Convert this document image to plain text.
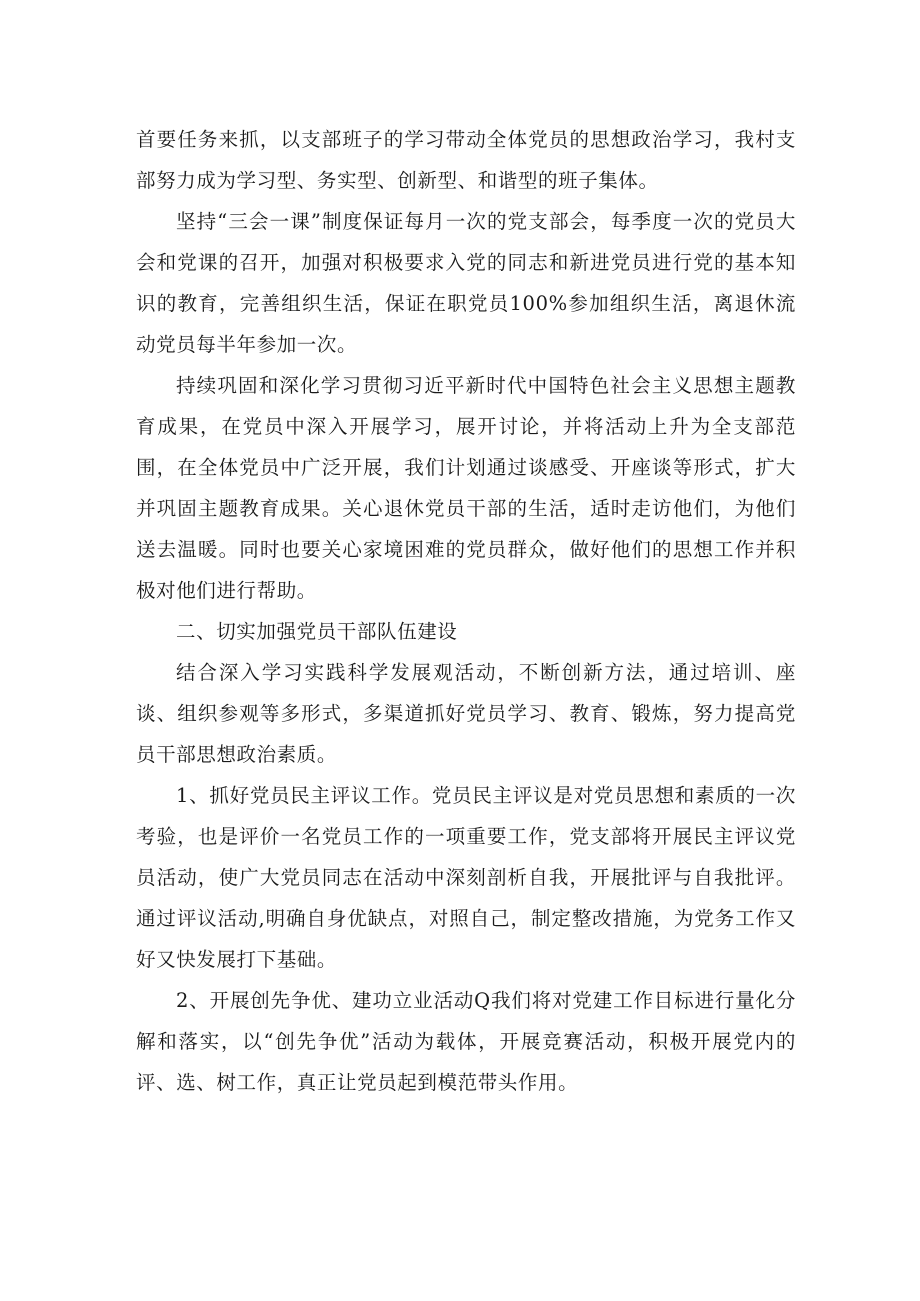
首要任务来抓，以支部班子的学习带动全体党员的思想政治学习，我村支部努力成为学习型、务实型、创新型、和谐型的班子集体。

坚持“三会一课”制度保证每月一次的党支部会，每季度一次的党员大会和党课的召开，加强对积极要求入党的同志和新进党员进行党的基本知识的教育，完善组织生活，保证在职党员100%参加组织生活，离退休流动党员每半年参加一次。

持续巩固和深化学习贯彻习近平新时代中国特色社会主义思想主题教育成果，在党员中深入开展学习，展开讨论，并将活动上升为全支部范围，在全体党员中广泛开展，我们计划通过谈感受、开座谈等形式，扩大并巩固主题教育成果。关心退休党员干部的生活，适时走访他们，为他们送去温暖。同时也要关心家境困难的党员群众，做好他们的思想工作并积极对他们进行帮助。

二、切实加强党员干部队伍建设

结合深入学习实践科学发展观活动，不断创新方法，通过培训、座谈、组织参观等多形式，多渠道抓好党员学习、教育、锻炼，努力提高党员干部思想政治素质。

1、抓好党员民主评议工作。党员民主评议是对党员思想和素质的一次考验，也是评价一名党员工作的一项重要工作，党支部将开展民主评议党员活动，使广大党员同志在活动中深刻剖析自我，开展批评与自我批评。通过评议活动,明确自身优缺点，对照自己，制定整改措施，为党务工作又好又快发展打下基础。

2、开展创先争优、建功立业活动Q我们将对党建工作目标进行量化分解和落实，以“创先争优”活动为载体，开展竞赛活动，积极开展党内的评、选、树工作，真正让党员起到模范带头作用。
